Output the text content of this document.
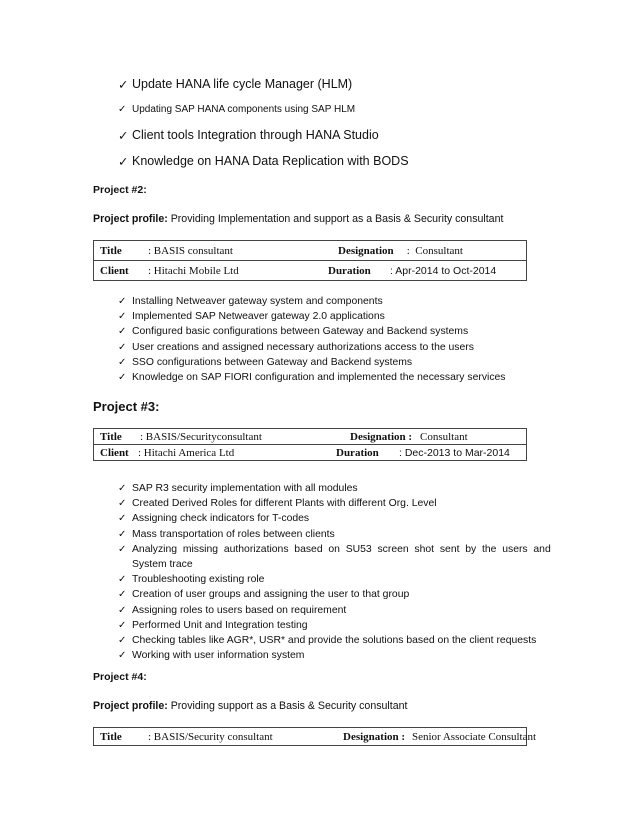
✓ Update HANA life cycle Manager (HLM)
✓ Updating SAP HANA components using SAP HLM
✓ Client tools Integration through HANA Studio
✓ Knowledge on HANA Data Replication with BODS
Project #2:
Project profile: Providing Implementation and support as a Basis & Security consultant
Title : BASIS consultant	Designation :  Consultant
Client : Hitachi Mobile Ltd	Duration : Apr-2014 to Oct-2014
✓ Installing Netweaver gateway system and components
✓ Implemented SAP Netweaver gateway 2.0 applications
✓ Configured basic configurations between Gateway and Backend systems
✓ User creations and assigned necessary authorizations access to the users
✓ SSO configurations between Gateway and Backend systems
✓ Knowledge on SAP FIORI configuration and implemented the necessary services
Project #3:
Title : BASIS/Securityconsultant	Designation : Consultant
Client : Hitachi America Ltd	Duration : Dec-2013 to Mar-2014
✓ SAP R3 security implementation with all modules
✓ Created Derived Roles for different Plants with different Org. Level
✓ Assigning check indicators for T-codes
✓ Mass transportation of roles between clients
✓ Analyzing  missing  authorizations  based  on  SU53  screen  shot  sent  by  the  users  and
System trace
✓ Troubleshooting existing role
✓ Creation of user groups and assigning the user to that group
✓ Assigning roles to users based on requirement
✓ Performed Unit and Integration testing
✓ Checking tables like AGR*, USR* and provide the solutions based on the client requests
✓ Working with user information system
Project #4:
Project profile: Providing support as a Basis & Security consultant
Title : BASIS/Security consultant	Designation : Senior Associate Consultant
